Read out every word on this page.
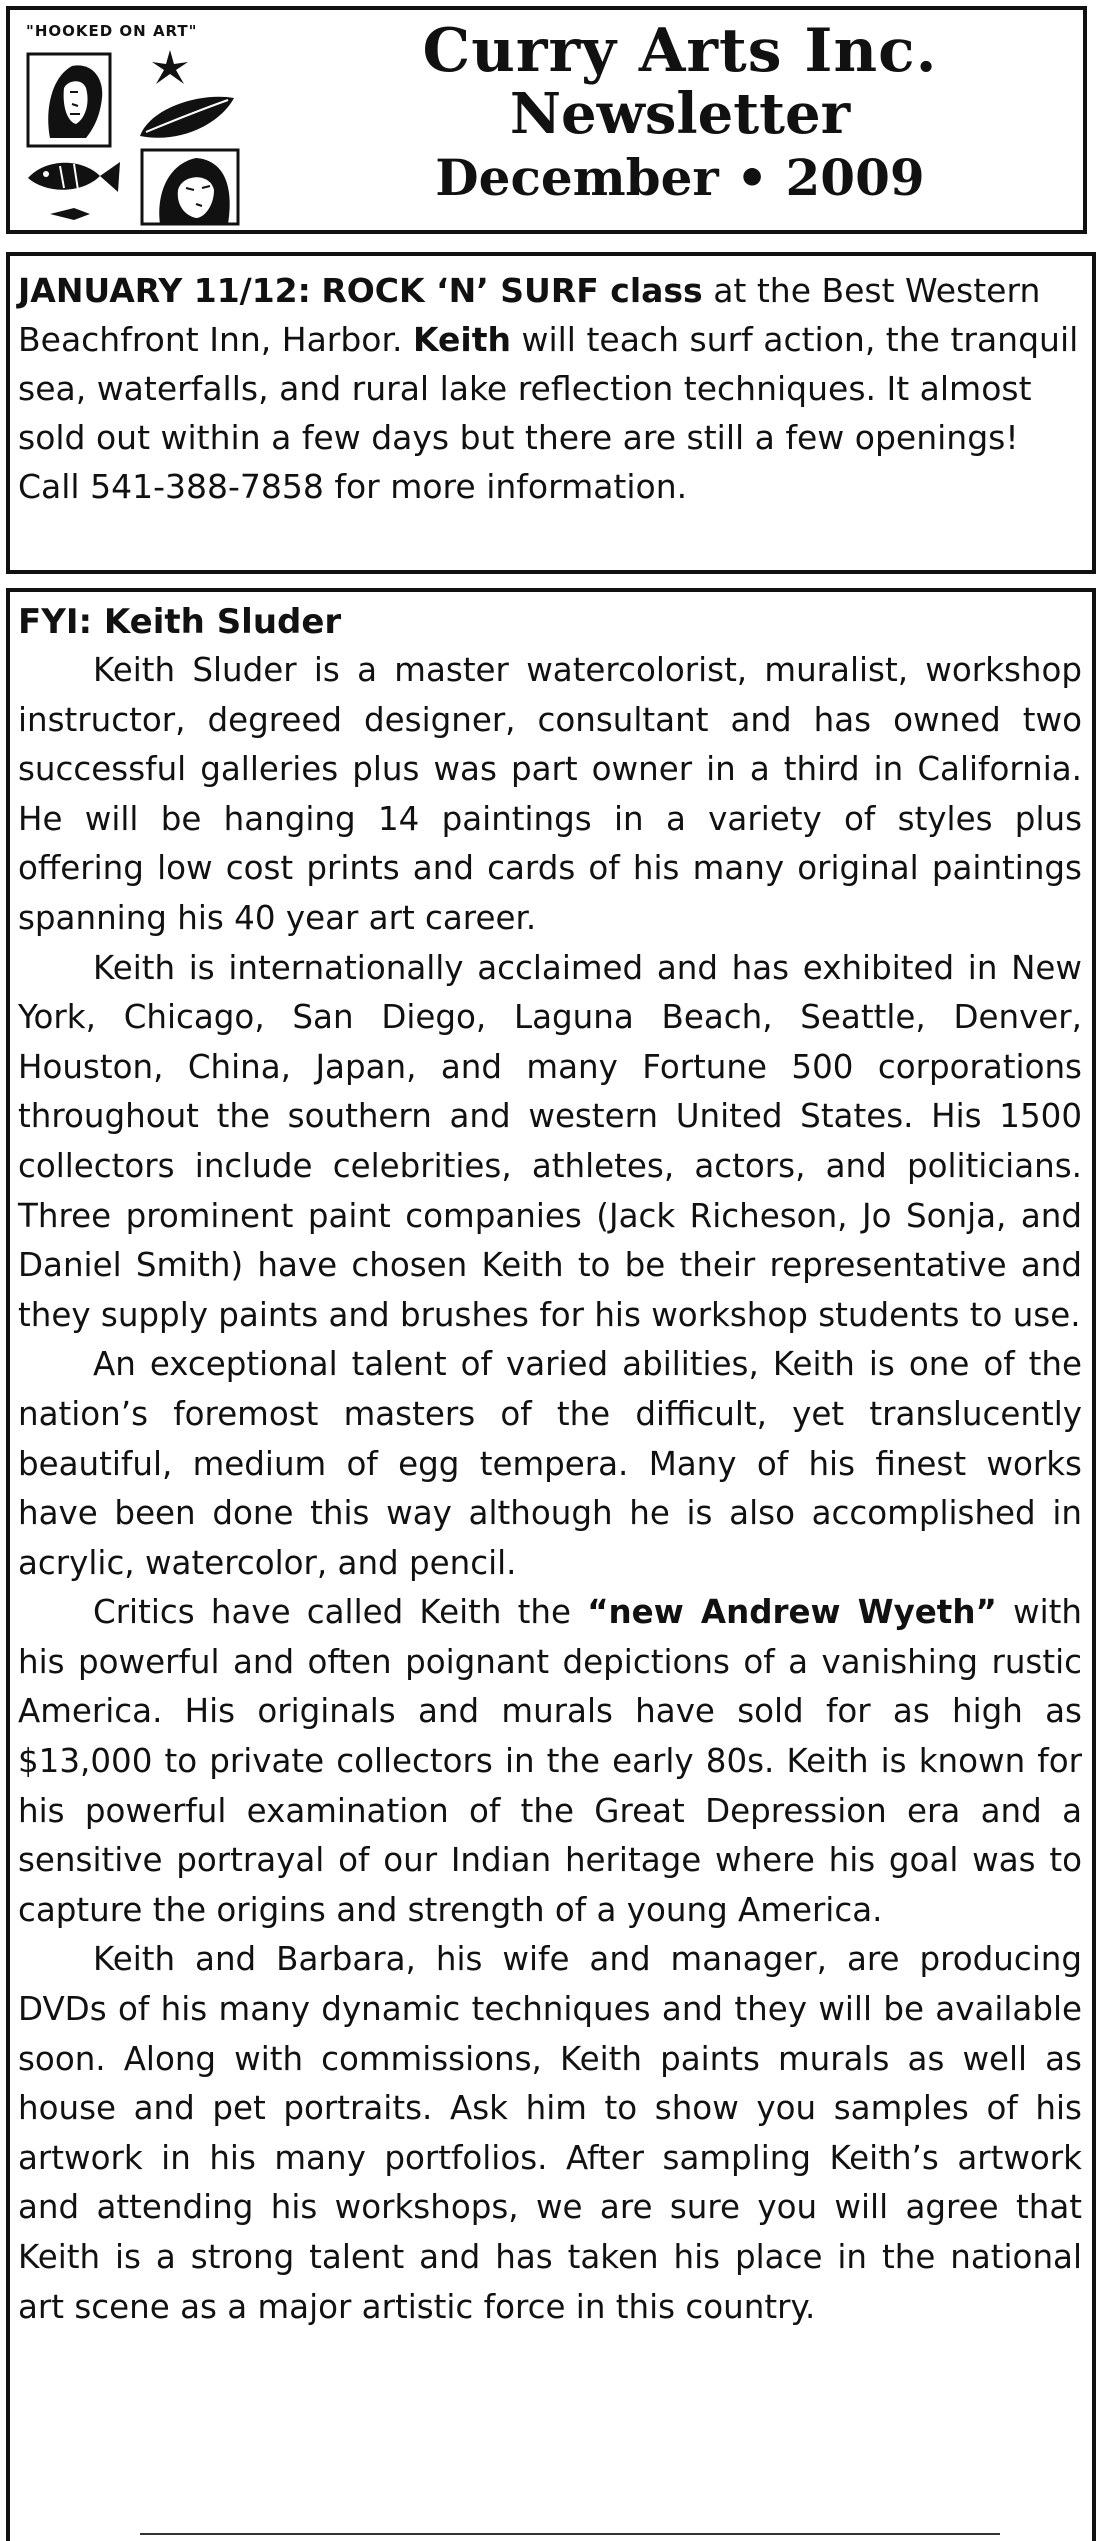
"HOOKED ON ART"	Curry Arts Inc.
Newsletter
December • 2009
JANUARY 11/12: ROCK ‘N’ SURF class at the Best Western Beachfront Inn, Harbor. Keith will teach surf action, the tranquil sea, waterfalls, and rural lake reflection techniques. It almost sold out within a few days but there are still a few openings! Call 541-388-7858 for more information.
FYI: Keith Sluder

Keith Sluder is a master watercolorist, muralist, workshop instructor, degreed designer, consultant and has owned two successful galleries plus was part owner in a third in California. He will be hanging 14 paintings in a variety of styles plus offering low cost prints and cards of his many original paintings spanning his 40 year art career.

Keith is internationally acclaimed and has exhibited in New York, Chicago, San Diego, Laguna Beach, Seattle, Denver, Houston, China, Japan, and many Fortune 500 corporations throughout the southern and western United States. His 1500 collectors include celebrities, athletes, actors, and politicians. Three prominent paint companies (Jack Richeson, Jo Sonja, and Daniel Smith) have chosen Keith to be their representative and they supply paints and brushes for his workshop students to use.

An exceptional talent of varied abilities, Keith is one of the nation’s foremost masters of the difficult, yet translucently beautiful, medium of egg tempera. Many of his finest works have been done this way although he is also accomplished in acrylic, watercolor, and pencil.

Critics have called Keith the “new Andrew Wyeth” with his powerful and often poignant depictions of a vanishing rustic America. His originals and murals have sold for as high as $13,000 to private collectors in the early 80s. Keith is known for his powerful examination of the Great Depression era and a sensitive portrayal of our Indian heritage where his goal was to capture the origins and strength of a young America.

Keith and Barbara, his wife and manager, are producing DVDs of his many dynamic techniques and they will be available soon. Along with commissions, Keith paints murals as well as house and pet portraits. Ask him to show you samples of his artwork in his many portfolios. After sampling Keith’s artwork and attending his workshops, we are sure you will agree that Keith is a strong talent and has taken his place in the national art scene as a major artistic force in this country.
